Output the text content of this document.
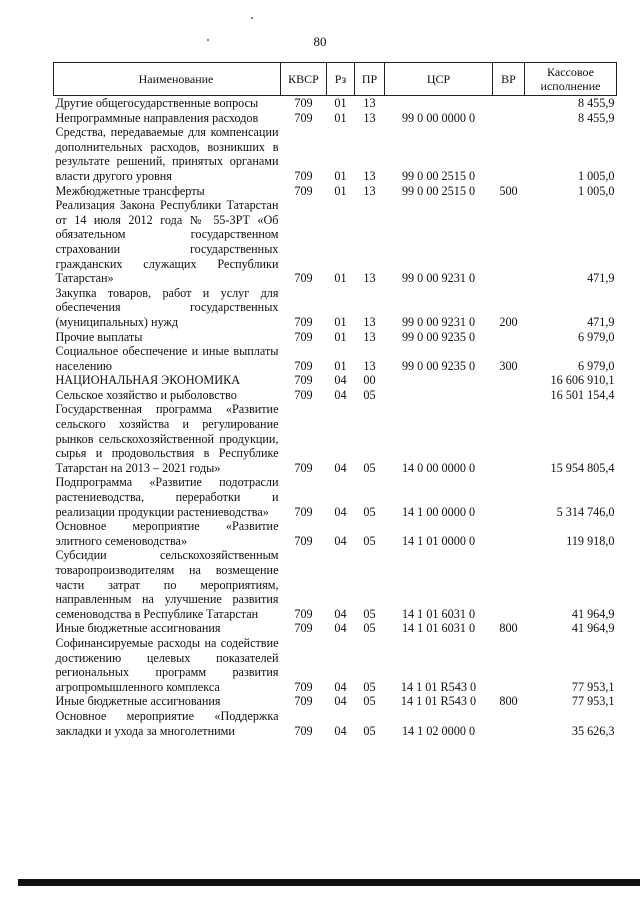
80
Наименование	КВСР	Рз	ПР	ЦСР	ВР	Кассовое исполнение
Другие общегосударственные вопросы	709	01	13			8 455,9
Непрограммные направления расходов	709	01	13	99 0 00 0000 0		8 455,9
Средства, передаваемые для компенсации дополнительных расходов, возникших в результате решений, принятых органами власти другого уровня	709	01	13	99 0 00 2515 0		1 005,0
Межбюджетные трансферты	709	01	13	99 0 00 2515 0	500	1 005,0
Реализация Закона Республики Татарстан от 14 июля 2012 года № 55-ЗРТ «Об обязательном государственном страховании государственных гражданских служащих Республики Татарстан»	709	01	13	99 0 00 9231 0		471,9
Закупка товаров, работ и услуг для обеспечения государственных (муниципальных) нужд	709	01	13	99 0 00 9231 0	200	471,9
Прочие выплаты	709	01	13	99 0 00 9235 0		6 979,0
Социальное обеспечение и иные выплаты населению	709	01	13	99 0 00 9235 0	300	6 979,0
НАЦИОНАЛЬНАЯ ЭКОНОМИКА	709	04	00			16 606 910,1
Сельское хозяйство и рыболовство	709	04	05			16 501 154,4
Государственная программа «Развитие сельского хозяйства и регулирование рынков сельскохозяйственной продукции, сырья и продовольствия в Республике Татарстан на 2013 – 2021 годы»	709	04	05	14 0 00 0000 0		15 954 805,4
Подпрограмма «Развитие подотрасли растениеводства, переработки и реализации продукции растениеводства»	709	04	05	14 1 00 0000 0		5 314 746,0
Основное мероприятие «Развитие элитного семеноводства»	709	04	05	14 1 01 0000 0		119 918,0
Субсидии сельскохозяйственным товаропроизводителям на возмещение части затрат по мероприятиям, направленным на улучшение развития семеноводства в Республике Татарстан	709	04	05	14 1 01 6031 0		41 964,9
Иные бюджетные ассигнования	709	04	05	14 1 01 6031 0	800	41 964,9
Софинансируемые расходы на содействие достижению целевых показателей региональных программ развития агропромышленного комплекса	709	04	05	14 1 01 R543 0		77 953,1
Иные бюджетные ассигнования	709	04	05	14 1 01 R543 0	800	77 953,1
Основное мероприятие «Поддержка закладки и ухода за многолетними	709	04	05	14 1 02 0000 0		35 626,3
